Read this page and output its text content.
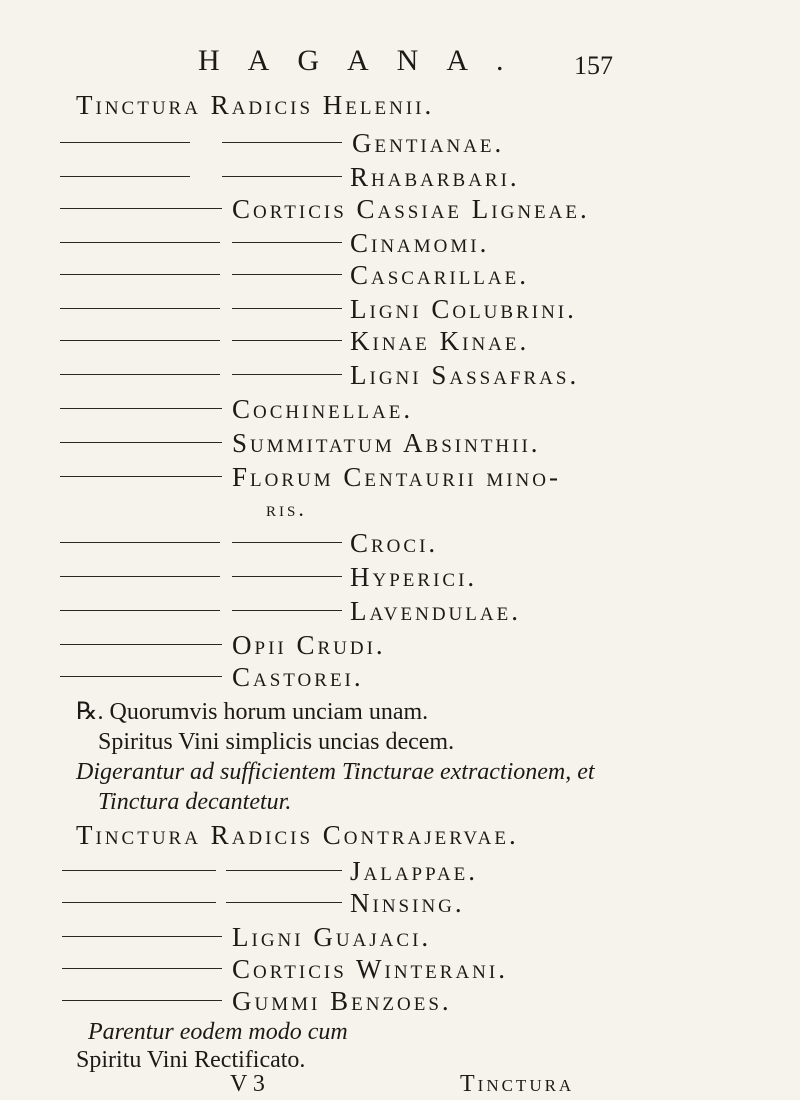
HAGANA. 157
Tinctura Radicis Helenii.
Gentianae.
Rhabarbari.
Corticis Cassiae Ligneae.
Cinamomi.
Cascarillae.
Ligni Colubrini.
Kinae Kinae.
Ligni Sassafras.
Cochinellae.
Summitatum Absinthii.
Florum Centaurii mino-
ris.
Croci.
Hyperici.
Lavendulae.
Opii Crudi.
Castorei.
℞. Quorumvis horum unciam unam.
Spiritus Vini simplicis uncias decem.
Digerantur ad sufficientem Tincturae extractionem, et
Tinctura decantetur.
Tinctura Radicis Contrajervae.
Jalappae.
Ninsing.
Ligni Guajaci.
Corticis Winterani.
Gummi Benzoes.
Parentur eodem modo cum
Spiritu Vini Rectificato.
V 3	Tinctura
